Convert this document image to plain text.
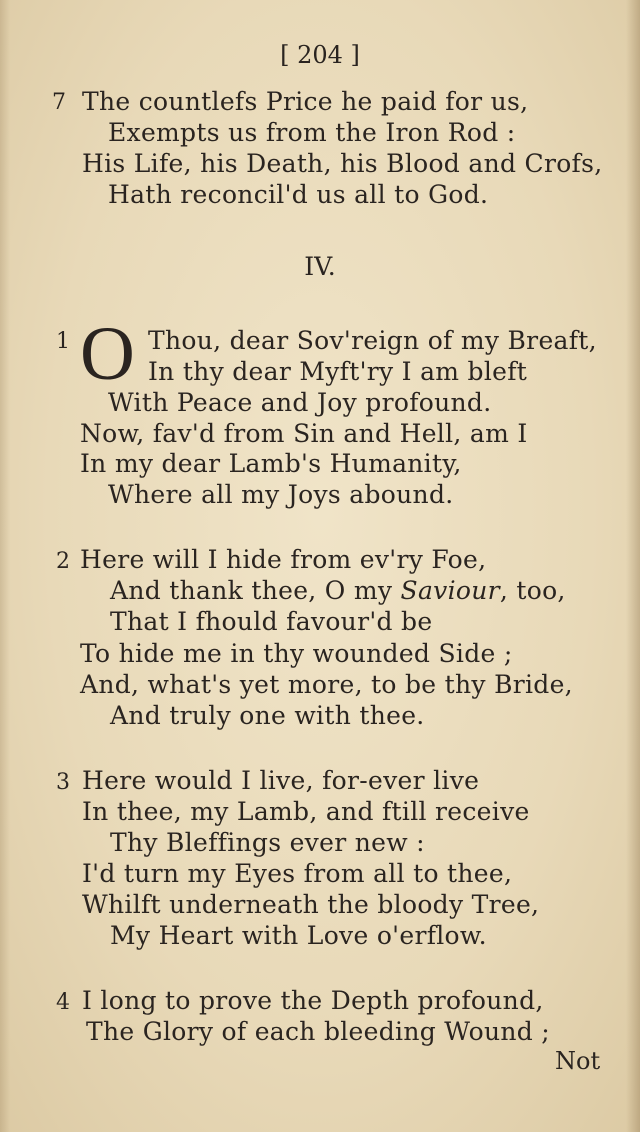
[ 204 ]
7 The countlefs Price he paid for us,
Exempts us from the Iron Rod :
His Life, his Death, his Blood and Crofs,
Hath reconcil'd us all to God.
IV.
1 O Thou, dear Sov'reign of my Breaft,
In thy dear Myft'ry I am bleft
With Peace and Joy profound.
Now, fav'd from Sin and Hell, am I
In my dear Lamb's Humanity,
Where all my Joys abound.
2 Here will I hide from ev'ry Foe,
And thank thee, O my Saviour, too,
That I fhould favour'd be
To hide me in thy wounded Side ;
And, what's yet more, to be thy Bride,
And truly one with thee.
3 Here would I live, for-ever live
In thee, my Lamb, and ftill receive
Thy Bleffings ever new :
I'd turn my Eyes from all to thee,
Whilft underneath the bloody Tree,
My Heart with Love o'erflow.
4 I long to prove the Depth profound,
The Glory of each bleeding Wound ;
Not
